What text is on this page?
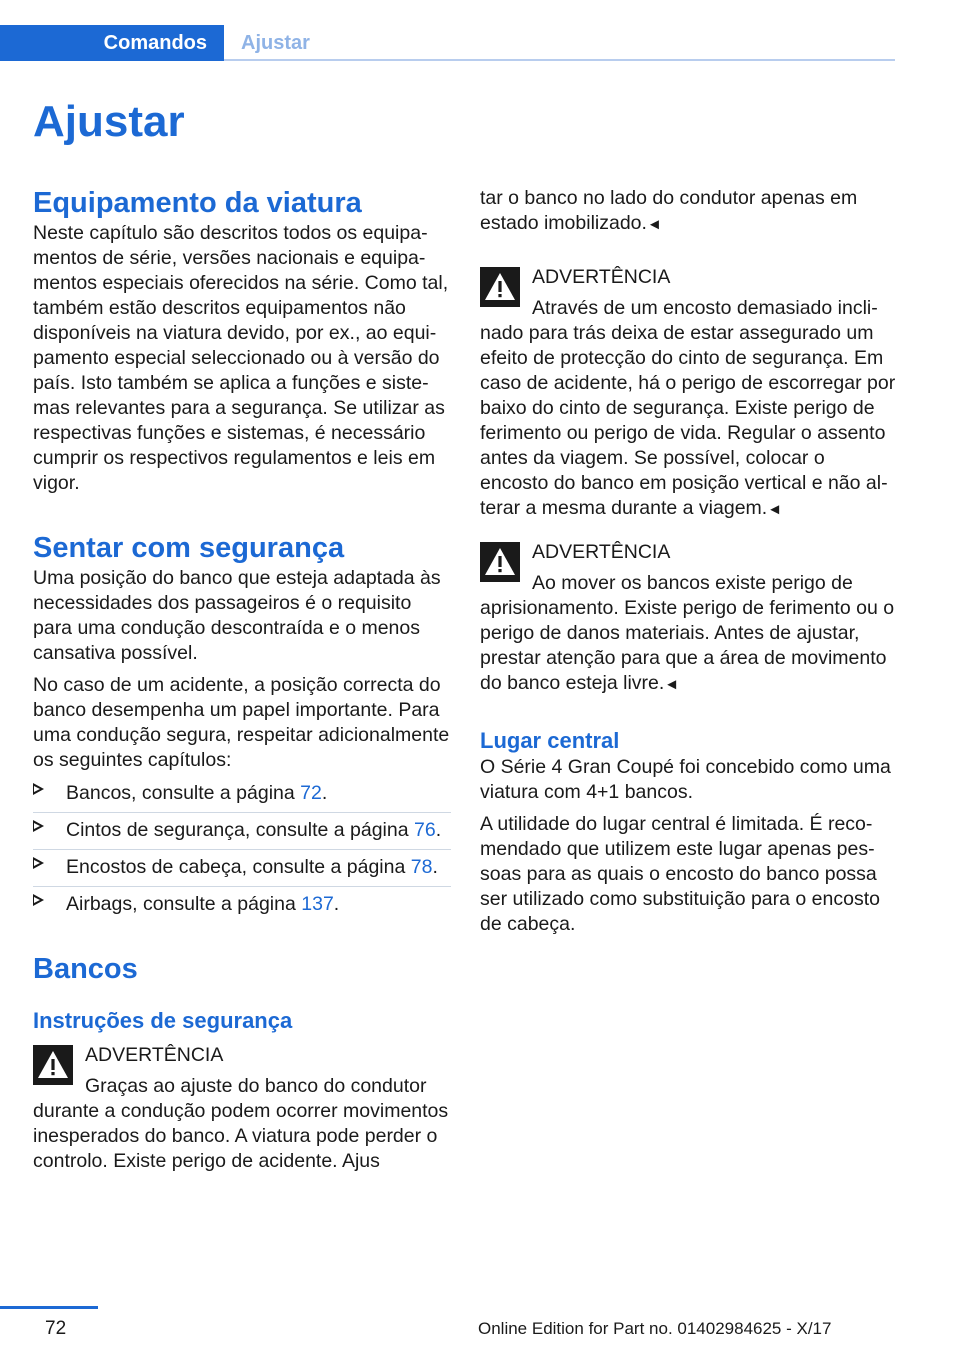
Comandos	Ajustar
Ajustar
Equipamento da viatura

Neste capítulo são descritos todos os equipamentos de série, versões nacionais e equipamentos especiais oferecidos na série. Como tal, também estão descritos equipamentos não disponíveis na viatura devido, por ex., ao equipamento especial seleccionado ou à versão do país. Isto também se aplica a funções e sistemas relevantes para a segurança. Se utilizar as respectivas funções e sistemas, é necessário cumprir os respectivos regulamentos e leis em vigor.

Sentar com segurança

Uma posição do banco que esteja adaptada às necessidades dos passageiros é o requisito para uma condução descontraída e o menos cansativa possível.

No caso de um acidente, a posição correcta do banco desempenha um papel importante. Para uma condução segura, respeitar adicionalmente os seguintes capítulos:

Bancos, consulte a página 72.
Cintos de segurança, consulte a página 76.
Encostos de cabeça, consulte a página 78.
Airbags, consulte a página 137.
Bancos
Instruções de segurança
ADVERTÊNCIA
Graças ao ajuste do banco do condutor durante a condução podem ocorrer movimentos inesperados do banco. A viatura pode perder o controlo. Existe perigo de acidente. Ajus

tar o banco no lado do condutor apenas em estado imobilizado.◄

ADVERTÊNCIA
Através de um encosto demasiado inclinado para trás deixa de estar assegurado um efeito de protecção do cinto de segurança. Em caso de acidente, há o perigo de escorregar por baixo do cinto de segurança. Existe perigo de ferimento ou perigo de vida. Regular o assento antes da viagem. Se possível, colocar o encosto do banco em posição vertical e não alterar a mesma durante a viagem.◄
ADVERTÊNCIA
Ao mover os bancos existe perigo de aprisionamento. Existe perigo de ferimento ou o perigo de danos materiais. Antes de ajustar, prestar atenção para que a área de movimento do banco esteja livre.◄
Lugar central

O Série 4 Gran Coupé foi concebido como uma viatura com 4+1 bancos.

A utilidade do lugar central é limitada. É recomendado que utilizem este lugar apenas pessoas para as quais o encosto do banco possa ser utilizado como substituição para o encosto de cabeça.

72	Online Edition for Part no. 01402984625 - X/17
